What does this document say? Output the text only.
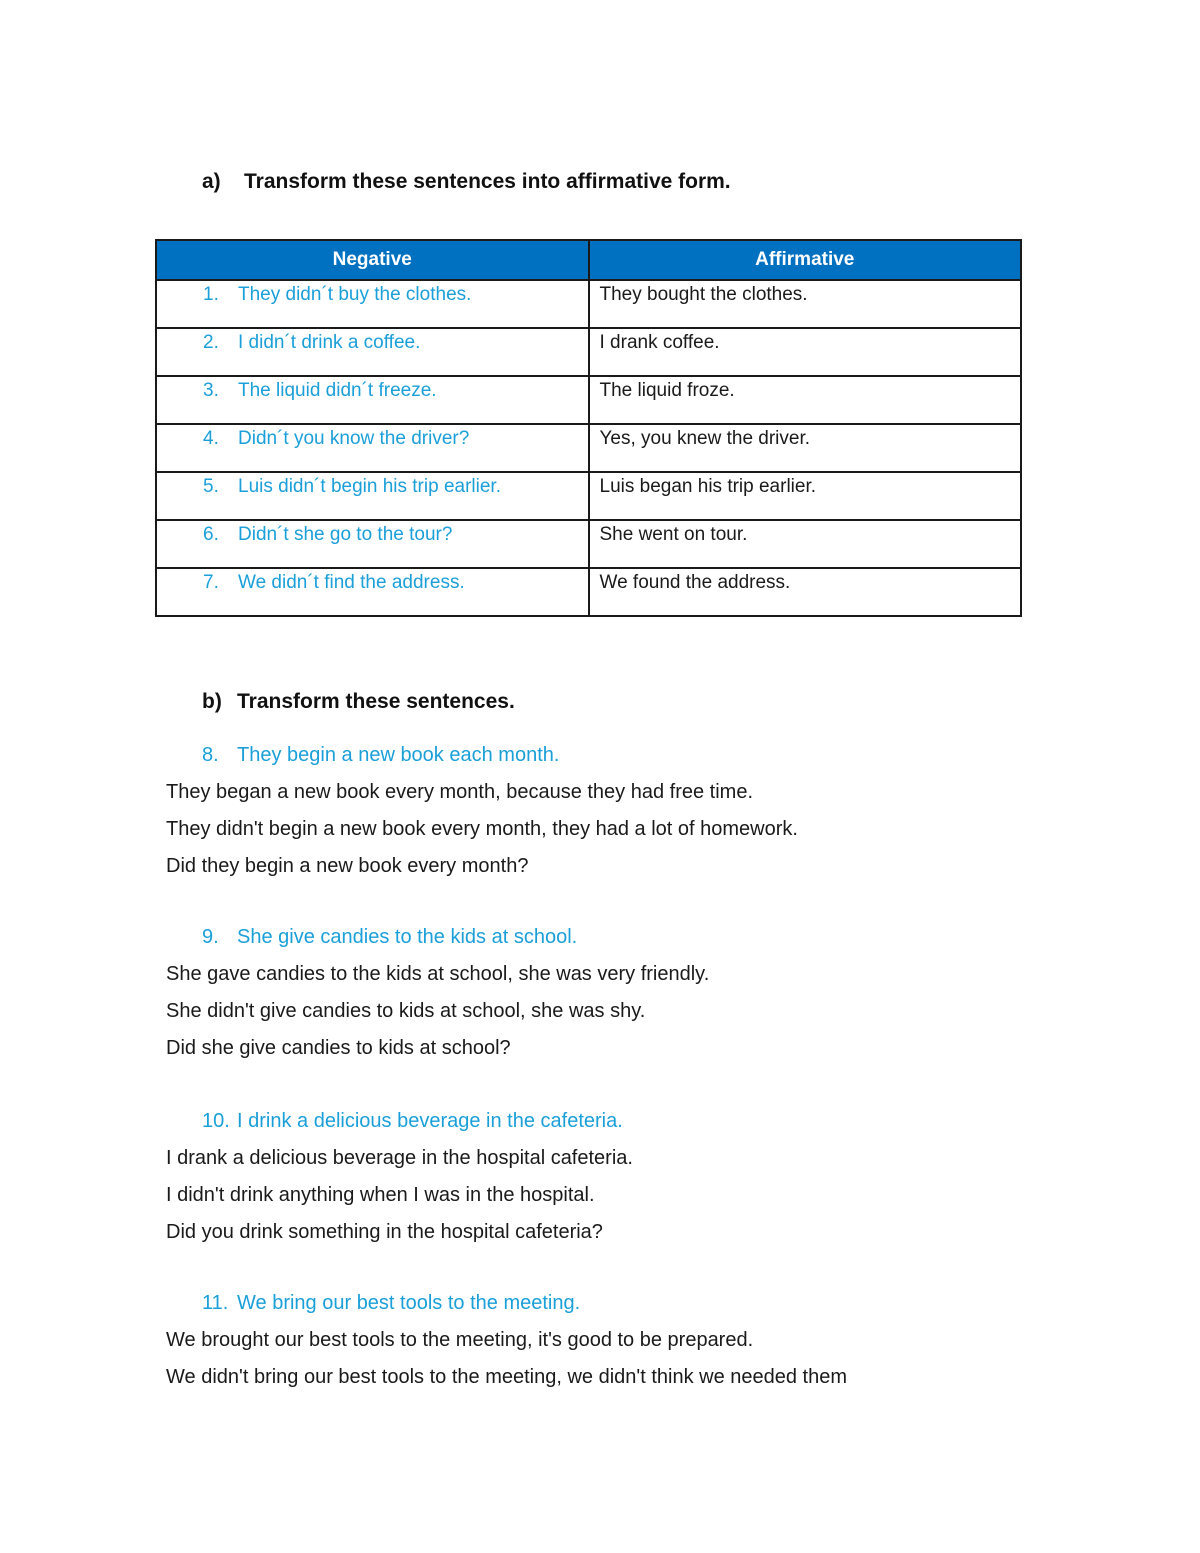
a) Transform these sentences into affirmative form.
Negative	Affirmative
1. They didn´t buy the clothes.	They bought the clothes.
2. I didn´t drink a coffee.	I drank coffee.
3. The liquid didn´t freeze.	The liquid froze.
4. Didn´t you know the driver?	Yes, you knew the driver.
5. Luis didn´t begin his trip earlier.	Luis began his trip earlier.
6. Didn´t she go to the tour?	She went on tour.
7. We didn´t find the address.	We found the address.
b) Transform these sentences.
8. They begin a new book each month.
They began a new book every month, because they had free time.
They didn't begin a new book every month, they had a lot of homework.
Did they begin a new book every month?
9. She give candies to the kids at school.
She gave candies to the kids at school, she was very friendly.
She didn't give candies to kids at school, she was shy.
Did she give candies to kids at school?
10. I drink a delicious beverage in the cafeteria.
I drank a delicious beverage in the hospital cafeteria.
I didn't drink anything when I was in the hospital.
Did you drink something in the hospital cafeteria?
11. We bring our best tools to the meeting.
We brought our best tools to the meeting, it's good to be prepared.
We didn't bring our best tools to the meeting, we didn't think we needed them
